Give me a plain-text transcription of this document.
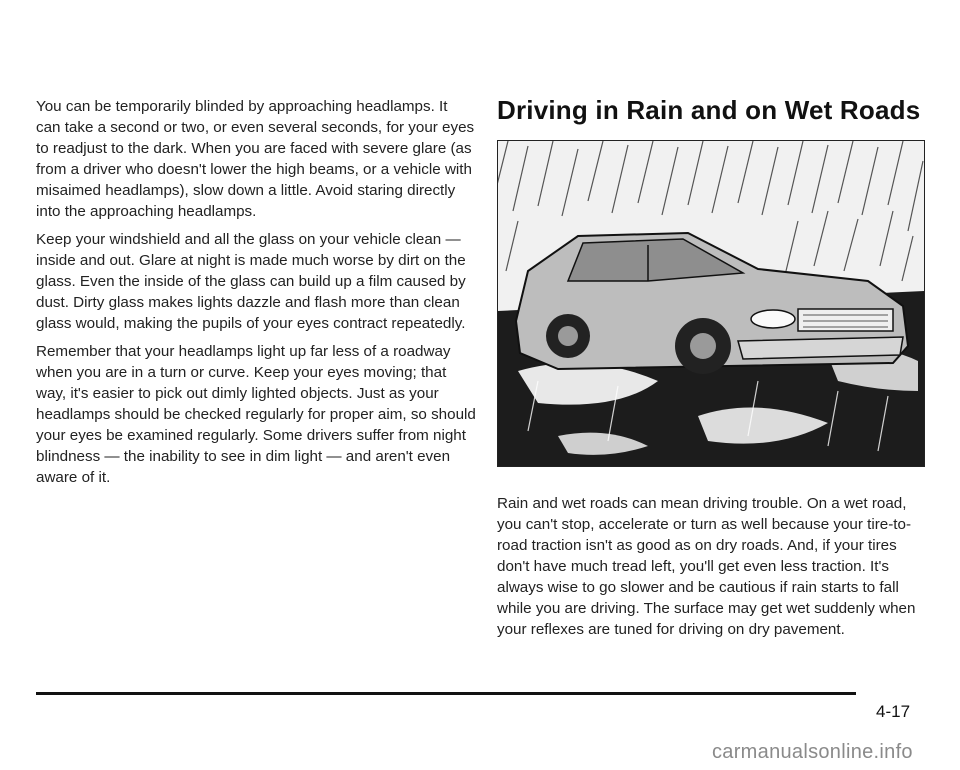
You can be temporarily blinded by approaching headlamps. It can take a second or two, or even several seconds, for your eyes to readjust to the dark. When you are faced with severe glare (as from a driver who doesn't lower the high beams, or a vehicle with misaimed headlamps), slow down a little. Avoid staring directly into the approaching headlamps.

Keep your windshield and all the glass on your vehicle clean — inside and out. Glare at night is made much worse by dirt on the glass. Even the inside of the glass can build up a film caused by dust. Dirty glass makes lights dazzle and flash more than clean glass would, making the pupils of your eyes contract repeatedly.

Remember that your headlamps light up far less of a roadway when you are in a turn or curve. Keep your eyes moving; that way, it's easier to pick out dimly lighted objects. Just as your headlamps should be checked regularly for proper aim, so should your eyes be examined regularly. Some drivers suffer from night blindness — the inability to see in dim light — and aren't even aware of it.

Driving in Rain and on Wet Roads

Rain and wet roads can mean driving trouble. On a wet road, you can't stop, accelerate or turn as well because your tire-to-road traction isn't as good as on dry roads. And, if your tires don't have much tread left, you'll get even less traction. It's always wise to go slower and be cautious if rain starts to fall while you are driving. The surface may get wet suddenly when your reflexes are tuned for driving on dry pavement.

4-17
carmanualsonline.info
